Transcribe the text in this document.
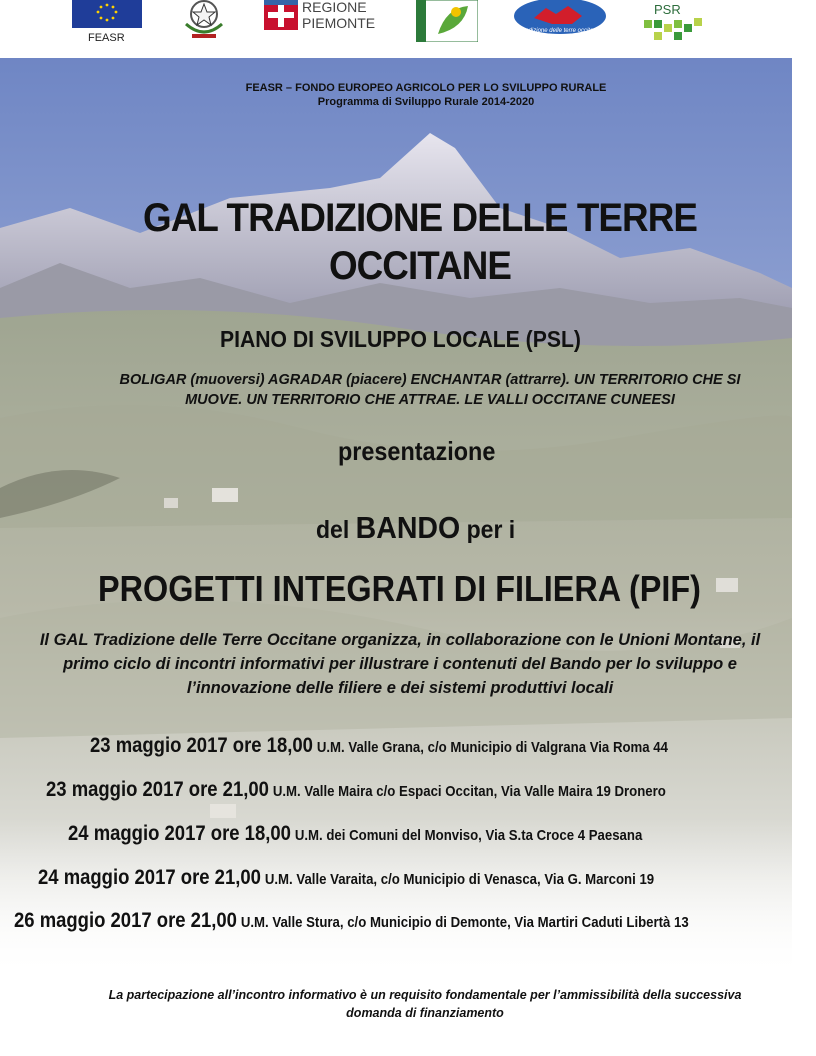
FEASR
REGIONE
PIEMONTE	Tradizione delle terre occitane
PSR
FEASR – FONDO EUROPEO AGRICOLO PER LO SVILUPPO RURALE
Programma di Sviluppo Rurale 2014-2020
GAL TRADIZIONE DELLE TERRE OCCITANE
PIANO DI SVILUPPO LOCALE (PSL)
BOLIGAR (muoversi) AGRADAR (piacere) ENCHANTAR (attrarre). UN TERRITORIO CHE SI MUOVE. UN TERRITORIO CHE ATTRAE. LE VALLI OCCITANE CUNEESI
presentazione
del BANDO per i
PROGETTI INTEGRATI DI FILIERA (PIF)
Il GAL Tradizione delle Terre Occitane organizza, in collaborazione con le Unioni Montane, il primo ciclo di incontri informativi per illustrare i contenuti del Bando per lo sviluppo e l’innovazione delle filiere e dei sistemi produttivi locali
23 maggio 2017 ore 18,00 U.M. Valle Grana, c/o Municipio di Valgrana Via Roma 44
23 maggio 2017 ore 21,00 U.M. Valle Maira c/o Espaci Occitan, Via Valle Maira 19 Dronero
24 maggio 2017 ore 18,00 U.M. dei Comuni del Monviso, Via S.ta Croce 4 Paesana
24 maggio 2017 ore 21,00 U.M. Valle Varaita, c/o Municipio di Venasca, Via G. Marconi 19
26 maggio 2017 ore 21,00 U.M. Valle Stura, c/o Municipio di Demonte, Via Martiri Caduti Libertà 13
La partecipazione all’incontro informativo è un requisito fondamentale per l’ammissibilità della successiva domanda di finanziamento
